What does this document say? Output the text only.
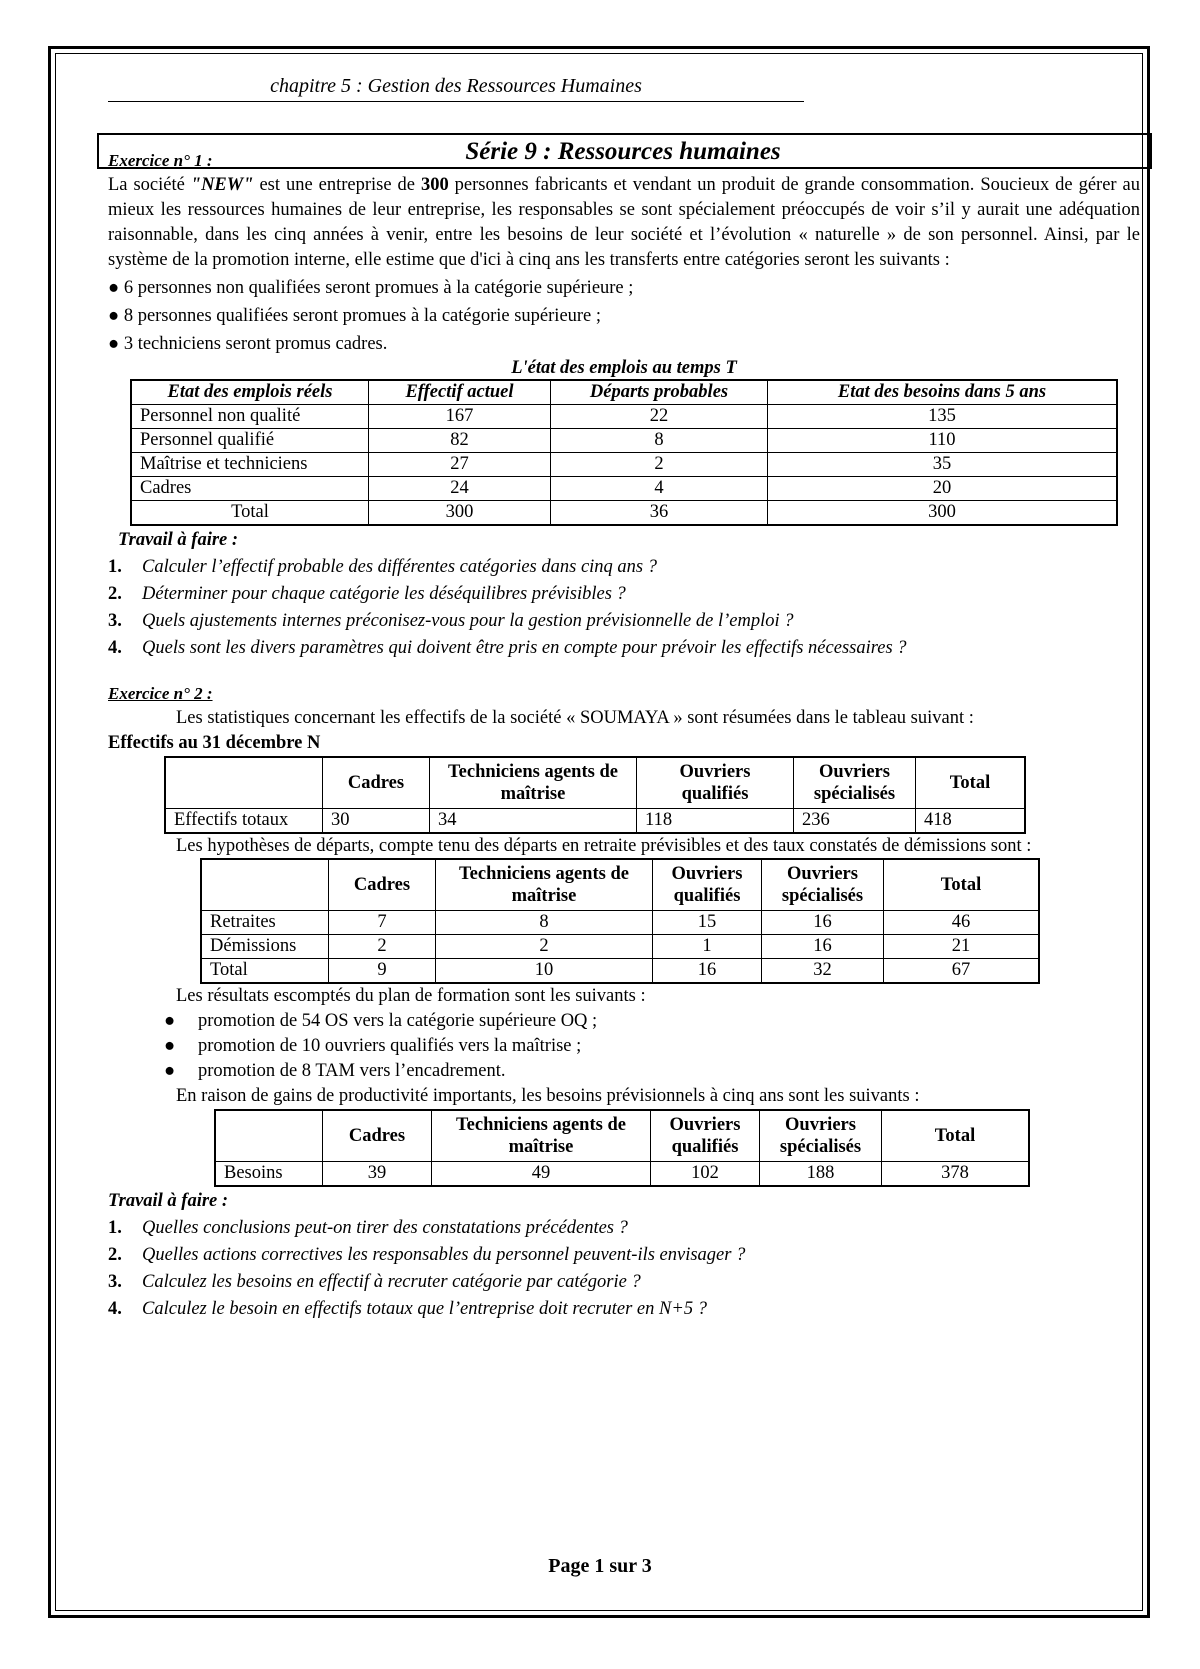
chapitre 5 : Gestion des Ressources Humaines
Série 9 : Ressources humaines
Exercice n° 1 :

La société "NEW" est une entreprise de 300 personnes fabricants et vendant un produit de grande consommation. Soucieux de gérer au mieux les ressources humaines de leur entreprise, les responsables se sont spécialement préoccupés de voir s’il y aurait une adéquation raisonnable, dans les cinq années à venir, entre les besoins de leur société et l’évolution « naturelle » de son personnel. Ainsi, par le système de la promotion interne, elle estime que d'ici à cinq ans les transferts entre catégories seront les suivants :

● 6 personnes non qualifiées seront promues à la catégorie supérieure ;
● 8 personnes qualifiées seront promues à la catégorie supérieure ;
● 3 techniciens seront promus cadres.
L'état des emplois au temps T
Etat des emplois réels	Effectif actuel	Départs probables	Etat des besoins dans 5 ans
Personnel non qualité	167	22	135
Personnel qualifié	82	8	110
Maîtrise et techniciens	27	2	35
Cadres	24	4	20
Total	300	36	300
Travail à faire :
1.	Calculer l’effectif probable des différentes catégories dans cinq ans ?
2.	Déterminer pour chaque catégorie les déséquilibres prévisibles ?
3.	Quels ajustements internes préconisez-vous pour la gestion prévisionnelle de l’emploi ?
4.	Quels sont les divers paramètres qui doivent être pris en compte pour prévoir les effectifs nécessaires ?
Exercice n° 2 :

Les statistiques concernant les effectifs de la société « SOUMAYA » sont résumées dans le tableau suivant :

Effectifs au 31 décembre N

	Cadres	Techniciens agents de maîtrise	Ouvriers qualifiés	Ouvriers spécialisés	Total
Effectifs totaux	30	34	118	236	418

Les hypothèses de départs, compte tenu des départs en retraite prévisibles et des taux constatés de démissions sont :

	Cadres	Techniciens agents de maîtrise	Ouvriers qualifiés	Ouvriers spécialisés	Total
Retraites	7	8	15	16	46
Démissions	2	2	1	16	21
Total	9	10	16	32	67

Les résultats escomptés du plan de formation sont les suivants :

● promotion de 54 OS vers la catégorie supérieure OQ ;
● promotion de 10 ouvriers qualifiés vers la maîtrise ;
● promotion de 8 TAM vers l’encadrement.

En raison de gains de productivité importants, les besoins prévisionnels à cinq ans sont les suivants :

	Cadres	Techniciens agents de maîtrise	Ouvriers qualifiés	Ouvriers spécialisés	Total
Besoins	39	49	102	188	378
Travail à faire :
1.	Quelles conclusions peut-on tirer des constatations précédentes ?
2.	Quelles actions correctives les responsables du personnel peuvent-ils envisager ?
3.	Calculez les besoins en effectif à recruter catégorie par catégorie ?
4.	Calculez le besoin en effectifs totaux que l’entreprise doit recruter en N+5 ?
Page 1 sur 3
